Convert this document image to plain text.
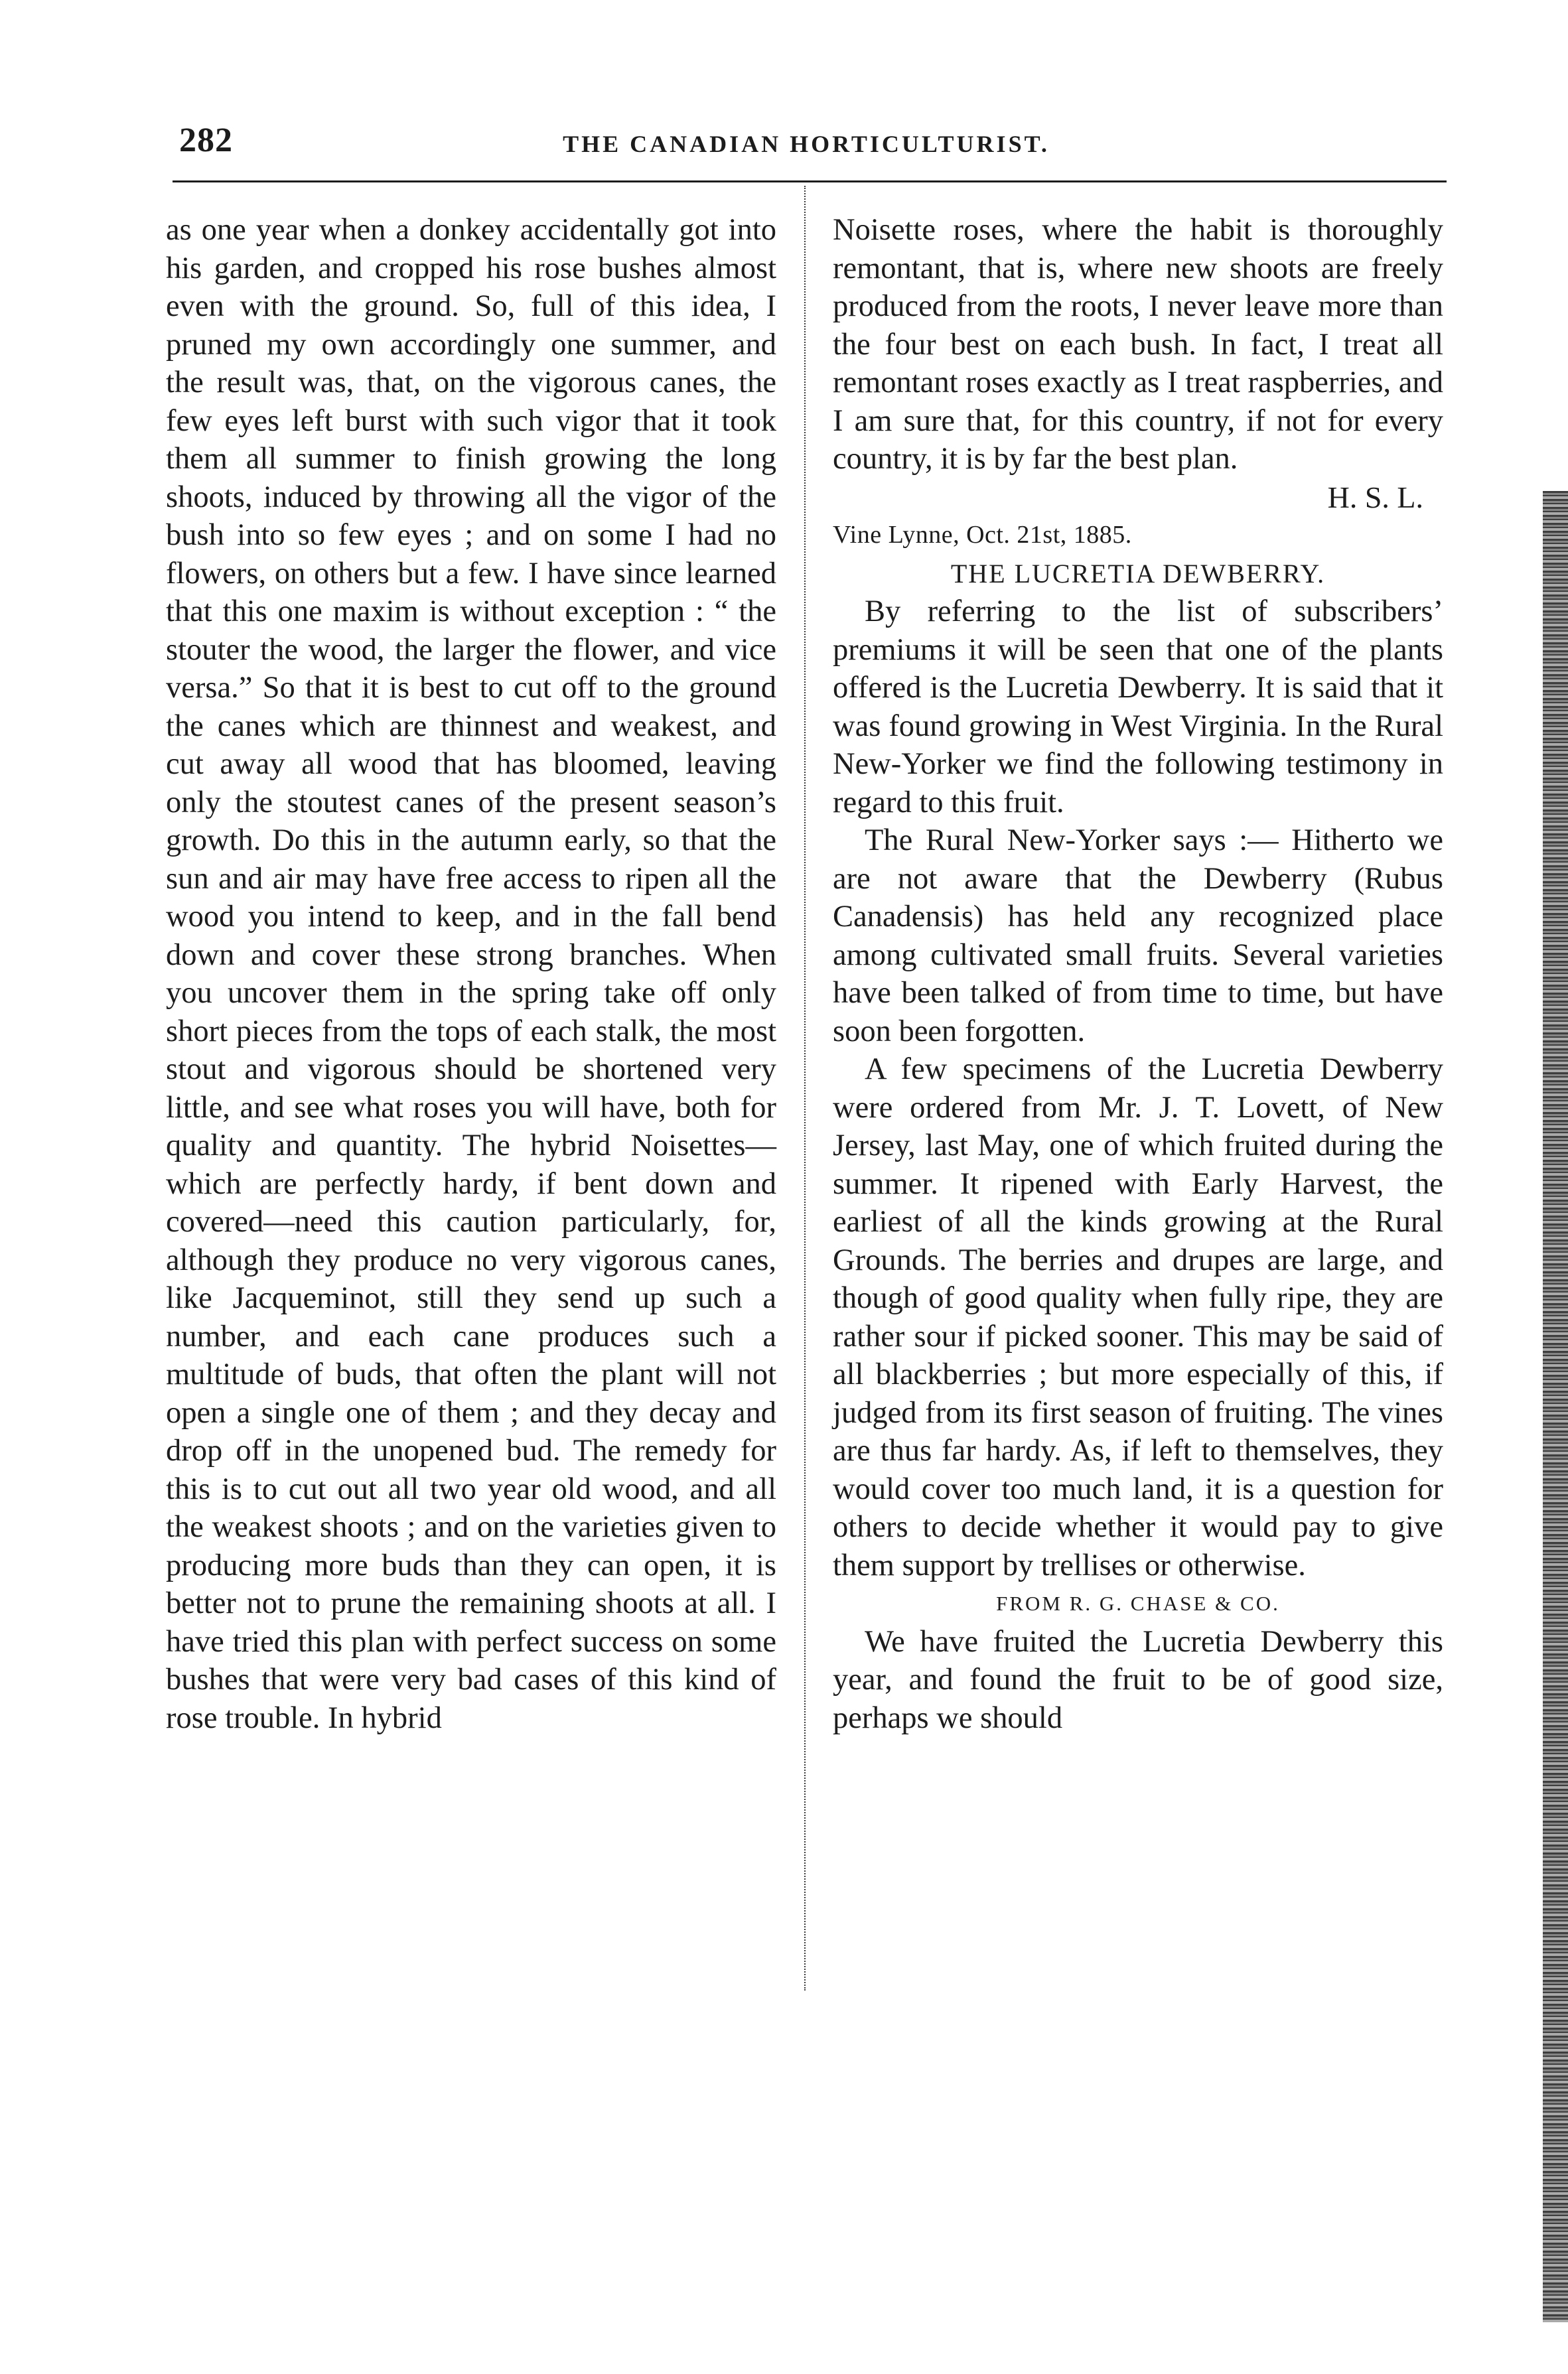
282	THE CANADIAN HORTICULTURIST.

as one year when a donkey accidentally got into his garden, and cropped his rose bushes almost even with the ground. So, full of this idea, I pruned my own accordingly one summer, and the result was, that, on the vigorous canes, the few eyes left burst with such vigor that it took them all summer to finish growing the long shoots, induced by throwing all the vigor of the bush into so few eyes ; and on some I had no flowers, on others but a few. I have since learned that this one maxim is without exception : “ the stouter the wood, the larger the flower, and vice versa.” So that it is best to cut off to the ground the canes which are thinnest and weakest, and cut away all wood that has bloomed, leaving only the stoutest canes of the present season’s growth. Do this in the autumn early, so that the sun and air may have free access to ripen all the wood you intend to keep, and in the fall bend down and cover these strong branches. When you uncover them in the spring take off only short pieces from the tops of each stalk, the most stout and vigorous should be shortened very little, and see what roses you will have, both for quality and quantity. The hybrid Noisettes—which are perfectly hardy, if bent down and covered—need this caution particularly, for, although they produce no very vigorous canes, like Jacqueminot, still they send up such a number, and each cane produces such a multitude of buds, that often the plant will not open a single one of them ; and they decay and drop off in the unopened bud. The remedy for this is to cut out all two year old wood, and all the weakest shoots ; and on the varieties given to producing more buds than they can open, it is better not to prune the remaining shoots at all. I have tried this plan with perfect success on some bushes that were very bad cases of this kind of rose trouble. In hybrid

Noisette roses, where the habit is thoroughly remontant, that is, where new shoots are freely produced from the roots, I never leave more than the four best on each bush. In fact, I treat all remontant roses exactly as I treat raspberries, and I am sure that, for this country, if not for every country, it is by far the best plan.

H. S. L.

Vine Lynne, Oct. 21st, 1885.

THE LUCRETIA DEWBERRY.

By referring to the list of subscribers’ premiums it will be seen that one of the plants offered is the Lucretia Dewberry. It is said that it was found growing in West Virginia. In the Rural New-Yorker we find the following testimony in regard to this fruit.

The Rural New-Yorker says :— Hitherto we are not aware that the Dewberry (Rubus Canadensis) has held any recognized place among cultivated small fruits. Several varieties have been talked of from time to time, but have soon been forgotten.

A few specimens of the Lucretia Dewberry were ordered from Mr. J. T. Lovett, of New Jersey, last May, one of which fruited during the summer. It ripened with Early Harvest, the earliest of all the kinds growing at the Rural Grounds. The berries and drupes are large, and though of good quality when fully ripe, they are rather sour if picked sooner. This may be said of all blackberries ; but more especially of this, if judged from its first season of fruiting. The vines are thus far hardy. As, if left to themselves, they would cover too much land, it is a question for others to decide whether it would pay to give them support by trellises or otherwise.

FROM R. G. CHASE & CO.

We have fruited the Lucretia Dewberry this year, and found the fruit to be of good size, perhaps we should
